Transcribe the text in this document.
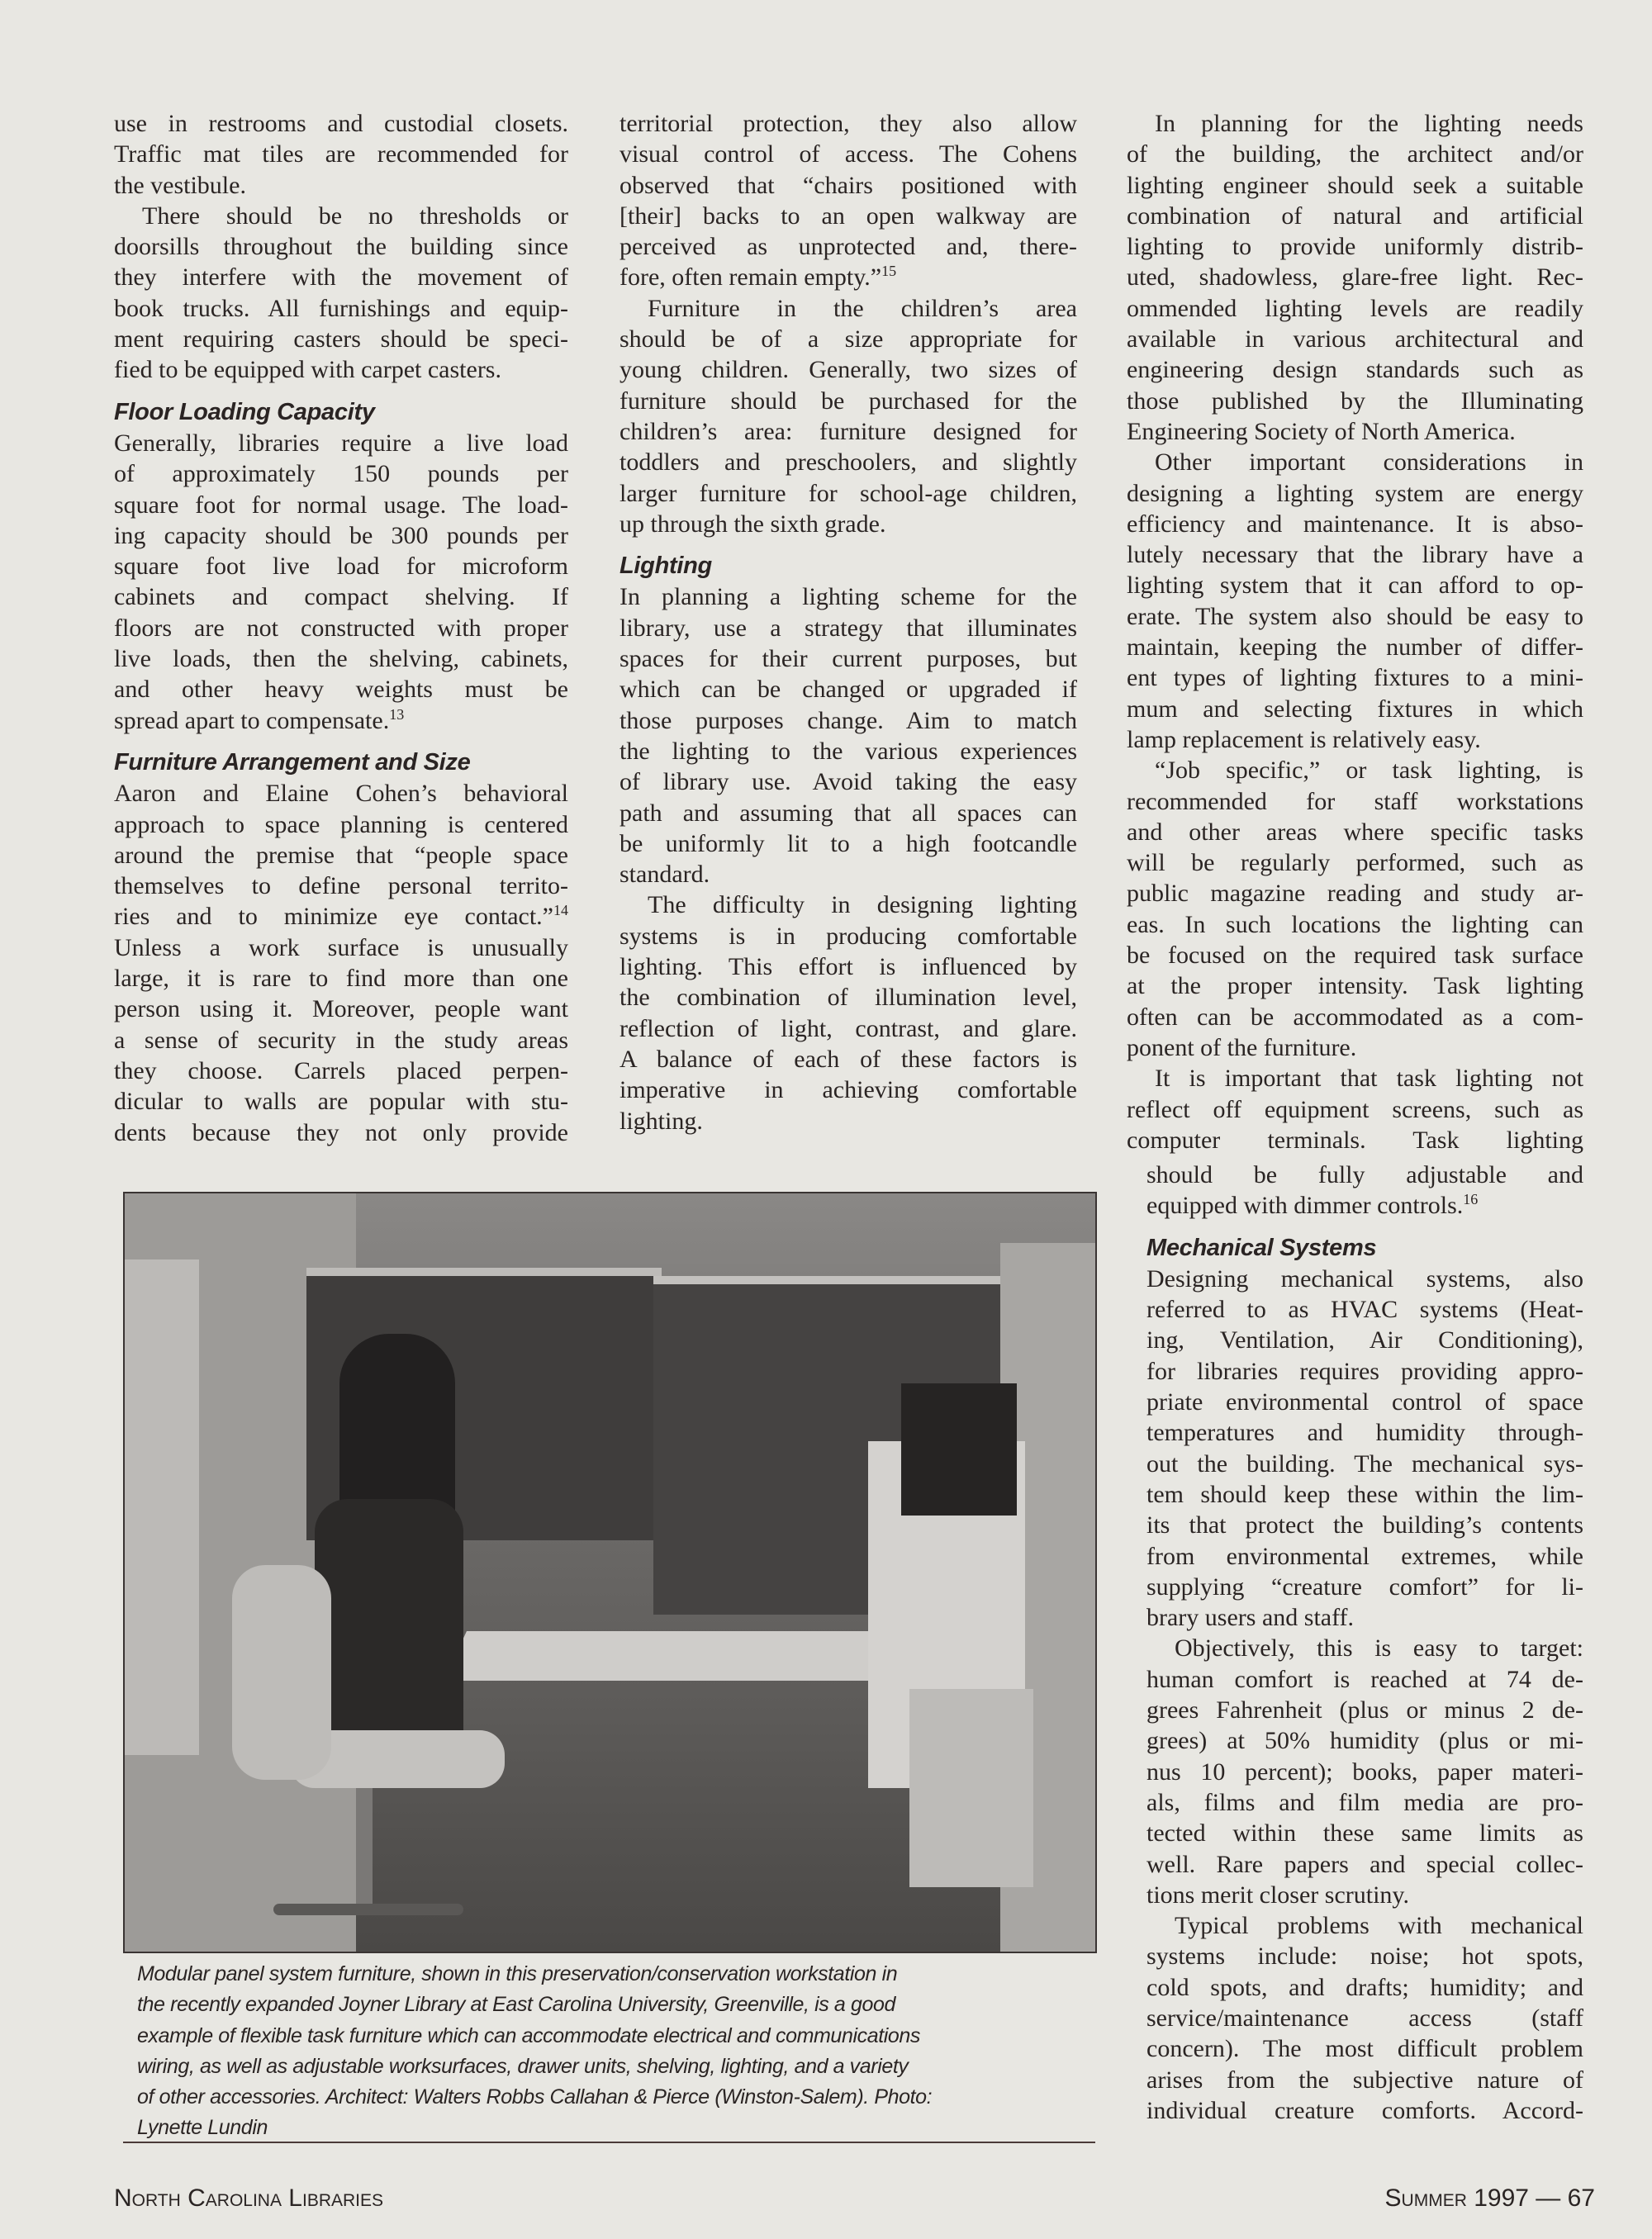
use in restrooms and custodial closets.
Traffic mat tiles are recommended for
the vestibule.
There should be no thresholds or
doorsills throughout the building since
they interfere with the movement of
book trucks. All furnishings and equip-
ment requiring casters should be speci-
fied to be equipped with carpet casters.
Floor Loading Capacity
Generally, libraries require a live load
of approximately 150 pounds per
square foot for normal usage. The load-
ing capacity should be 300 pounds per
square foot live load for microform
cabinets and compact shelving. If
floors are not constructed with proper
live loads, then the shelving, cabinets,
and other heavy weights must be
spread apart to compensate.$^{13}$
Furniture Arrangement and Size
Aaron and Elaine Cohen’s behavioral
approach to space planning is centered
around the premise that “people space
themselves to define personal territo-
ries and to minimize eye contact.”$^{14}$
Unless a work surface is unusually
large, it is rare to find more than one
person using it. Moreover, people want
a sense of security in the study areas
they choose. Carrels placed perpen-
dicular to walls are popular with stu-
dents because they not only provide
territorial protection, they also allow
visual control of access. The Cohens
observed that “chairs positioned with
[their] backs to an open walkway are
perceived as unprotected and, there-
fore, often remain empty.”$^{15}$
Furniture in the children’s area
should be of a size appropriate for
young children. Generally, two sizes of
furniture should be purchased for the
children’s area: furniture designed for
toddlers and preschoolers, and slightly
larger furniture for school-age children,
up through the sixth grade.
Lighting
In planning a lighting scheme for the
library, use a strategy that illuminates
spaces for their current purposes, but
which can be changed or upgraded if
those purposes change. Aim to match
the lighting to the various experiences
of library use. Avoid taking the easy
path and assuming that all spaces can
be uniformly lit to a high footcandle
standard.
The difficulty in designing lighting
systems is in producing comfortable
lighting. This effort is influenced by
the combination of illumination level,
reflection of light, contrast, and glare.
A balance of each of these factors is
imperative in achieving comfortable
lighting.
In planning for the lighting needs
of the building, the architect and/or
lighting engineer should seek a suitable
combination of natural and artificial
lighting to provide uniformly distrib-
uted, shadowless, glare-free light. Rec-
ommended lighting levels are readily
available in various architectural and
engineering design standards such as
those published by the Illuminating
Engineering Society of North America.
Other important considerations in
designing a lighting system are energy
efficiency and maintenance. It is abso-
lutely necessary that the library have a
lighting system that it can afford to op-
erate. The system also should be easy to
maintain, keeping the number of differ-
ent types of lighting fixtures to a mini-
mum and selecting fixtures in which
lamp replacement is relatively easy.
“Job specific,” or task lighting, is
recommended for staff workstations
and other areas where specific tasks
will be regularly performed, such as
public magazine reading and study ar-
eas. In such locations the lighting can
be focused on the required task surface
at the proper intensity. Task lighting
often can be accommodated as a com-
ponent of the furniture.
It is important that task lighting not
reflect off equipment screens, such as
computer terminals. Task lighting
should be fully adjustable and
equipped with dimmer controls.$^{16}$
Mechanical Systems
Designing mechanical systems, also
referred to as HVAC systems (Heat-
ing, Ventilation, Air Conditioning),
for libraries requires providing appro-
priate environmental control of space
temperatures and humidity through-
out the building. The mechanical sys-
tem should keep these within the lim-
its that protect the building’s contents
from environmental extremes, while
supplying “creature comfort” for li-
brary users and staff.
Objectively, this is easy to target:
human comfort is reached at 74 de-
grees Fahrenheit (plus or minus 2 de-
grees) at 50% humidity (plus or mi-
nus 10 percent); books, paper materi-
als, films and film media are pro-
tected within these same limits as
well. Rare papers and special collec-
tions merit closer scrutiny.
Typical problems with mechanical
systems include: noise; hot spots,
cold spots, and drafts; humidity; and
service/maintenance access (staff
concern). The most difficult problem
arises from the subjective nature of
individual creature comforts. Accord-
Modular panel system furniture, shown in this preservation/conservation workstation in
the recently expanded Joyner Library at East Carolina University, Greenville, is a good
example of flexible task furniture which can accommodate electrical and communications
wiring, as well as adjustable worksurfaces, drawer units, shelving, lighting, and a variety
of other accessories. Architect: Walters Robbs Callahan & Pierce (Winston-Salem). Photo:
Lynette Lundin
North Carolina Libraries	Summer 1997 — 67
